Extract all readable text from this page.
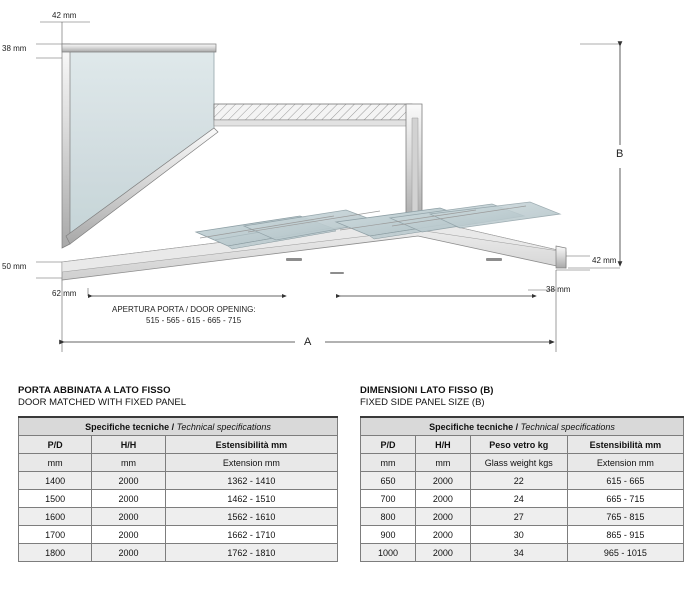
42 mm
38 mm
50 mm
62 mm
42 mm
38 mm
B
A
APERTURA PORTA / DOOR OPENING:
515 - 565 - 615 - 665 - 715
PORTA ABBINATA A LATO FISSO
DOOR MATCHED WITH FIXED PANEL
Specifiche tecniche / Technical specifications		
P/D	H/H	Estensibilità mm
mm	mm	Extension mm
1400	2000	1362 - 1410
1500	2000	1462 - 1510
1600	2000	1562 - 1610
1700	2000	1662 - 1710
1800	2000	1762 - 1810
DIMENSIONI LATO FISSO (B)
FIXED SIDE PANEL SIZE (B)
Specifiche tecniche / Technical specifications			
P/D	H/H	Peso vetro kg	Estensibilità mm
mm	mm	Glass weight kgs	Extension mm
650	2000	22	615 - 665
700	2000	24	665 - 715
800	2000	27	765 - 815
900	2000	30	865 - 915
1000	2000	34	965 - 1015
